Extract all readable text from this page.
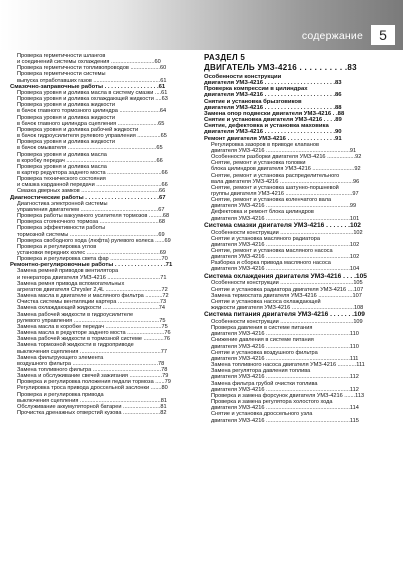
содержание	5
Проверка герметичности шлангов
и соединений системы охлаждения ............................60
Проверка герметичности топливопроводов ...................60
Проверка герметичности системы
выпуска отработавших газов ...........................................61
Смазочно-заправочные работы . . . . . . . . . . . . . . . . .61
Проверка уровня и доливка масла в систему смазки ....61
Проверка уровня и доливка охлаждающей жидкости ....63
Проверка уровня и доливка жидкости
в бачок главного тормозного цилиндра ..........................64
Проверка уровня и доливка жидкости
в бачок главного цилиндра сцепления ..........................65
Проверка уровня и доливка рабочей жидкости
в бачок гидроусилителя рулевого управления ...............65
Проверка уровня и доливка жидкости
в бачок омывателя .........................................................65
Проверка уровня и доливка масла
в коробку передач ..........................................................66
Проверка уровня и доливка масла
в картер редуктора заднего моста ...................................66
Проверка технического состояния
и смазка карданной передачи ..........................................66
Смазка дверных замков ..................................................66
Диагностические работы . . . . . . . . . . . . . . . . . . . . . . .67
Диагностика электронной системы
управления двигателем ..................................................67
Проверка работы вакуумного усилителя тормозов .........68
Проверка стояночного тормоза ......................................68
Проверка эффективности работы
тормозной системы .........................................................69
Проверка свободного хода (люфта) рулевого колеса ......69
Проверка и регулировка углов
установки передних колес ...............................................69
Проверка и регулировка света фар .................................70
Ремонтно-регулировочные работы . . . . . . . . . . . . . . . .71
Замена ремней приводов вентилятора
и генератора двигателя УМЗ-4216 ..................................71
Замена ремня привода вспомогательных
агрегатов двигателя Chrysler 2,4L ....................................72
Замена масла в двигателе и масляного фильтра ...........72
Очистка системы вентиляции картера ...........................73
Замена охлаждающей жидкости ....................................74
Замена рабочей жидкости в гидроусилителе
рулевого управления .......................................................75
Замена масла в коробке передач ....................................75
Замена масла в редукторе заднего моста ........................76
Замена рабочей жидкости в тормозной системе .............76
Замена тормозной жидкости в гидроприводе
выключения сцепления ....................................................77
Замена фильтрующего элемента
воздушного фильтра .......................................................78
Замена топливного фильтра ............................................78
Замена и обслуживание свечей зажигания .....................79
Проверка и регулировка положения педали тормоза ......79
Регулировка троса привода дроссельной заслонки .......80
Проверка и регулировка привода
выключения сцепления ....................................................81
Обслуживание аккумуляторной батареи ........................81
Прочистка дренажных отверстий кузова ........................82
РАЗДЕЛ 5
ДВИГАТЕЛЬ УМЗ-4216 . . . . . . . . . .83
Особенности конструкции
двигателя УМЗ-4216 . . . . . . . . . . . . . . . . . . . . . .83
Проверка компрессии в цилиндрах
двигателя УМЗ-4216 . . . . . . . . . . . . . . . . . . . . . .86
Снятие и установка брызговиков
двигателя УМЗ-4216 . . . . . . . . . . . . . . . . . . . . . .88
Замена опор подвески двигателя УМЗ-4216 . .88
Снятие и установка двигателя УМЗ-4216 . . . .89
Снятие, дефектовка и установка маховика
двигателя УМЗ-4216 . . . . . . . . . . . . . . . . . . . . . .90
Ремонт двигателя УМЗ-4216 . . . . . . . . . . . . . . .91
Регулировка зазоров в приводе клапанов
двигателя УМЗ-4216 ......................................................91
Особенности разборки двигателя УМЗ-4216 ..................92
Снятие, ремонт и установка головки
блока цилиндров двигателя УМЗ-4216 ...........................92
Снятие, ремонт и установка распределительного
вала двигателя УМЗ-4216 ...............................................96
Снятие, ремонт и установка шатунно-поршневой
группы двигателя УМЗ-4216 ...........................................97
Снятие, ремонт и установка коленчатого вала
двигателя УМЗ-4216 ......................................................99
Дефектовка и ремонт блока цилиндров
двигателя УМЗ-4216 ......................................................101
Система смазки двигателя УМЗ-4216 . . . . . . .102
Особенности конструкции ...............................................102
Снятие и установка масляного радиатора
двигателя УМЗ-4216 ......................................................102
Снятие, ремонт и установка масляного насоса
двигателя УМЗ-4216 ......................................................102
Разборка и сборка привода масляного насоса
двигателя УМЗ-4216 ......................................................104
Система охлаждения двигателя УМЗ-4216 . . . .105
Особенности конструкции ...............................................105
Снятие и установка радиатора двигателя УМЗ-4216 ....107
Замена термостата двигателя УМЗ-4216 ......................107
Снятие и установка насоса охлаждающей
жидкости двигателя УМЗ-4216 ........................................108
Система питания двигателя УМЗ-4216 . . . . . . .109
Особенности конструкции ...............................................109
Проверка давления в системе питания
двигателя УМЗ-4216 ......................................................110
Снижение давления в системе питания
двигателя УМЗ-4216 ......................................................110
Снятие и установка воздушного фильтра
двигателя УМЗ-4216 ......................................................111
Замена топливного насоса двигателя УМЗ-4216 ............111
Замена регулятора давления топлива
двигателя УМЗ-4216 ......................................................112
Замена фильтра грубой очистки топлива
двигателя УМЗ-4216 ......................................................112
Проверка и замена форсунок двигателя УМЗ-4216 .......113
Проверка и замена регулятора холостого хода
двигателя УМЗ-4216 ......................................................114
Снятие и установка дроссельного узла
двигателя УМЗ-4216 ......................................................115
